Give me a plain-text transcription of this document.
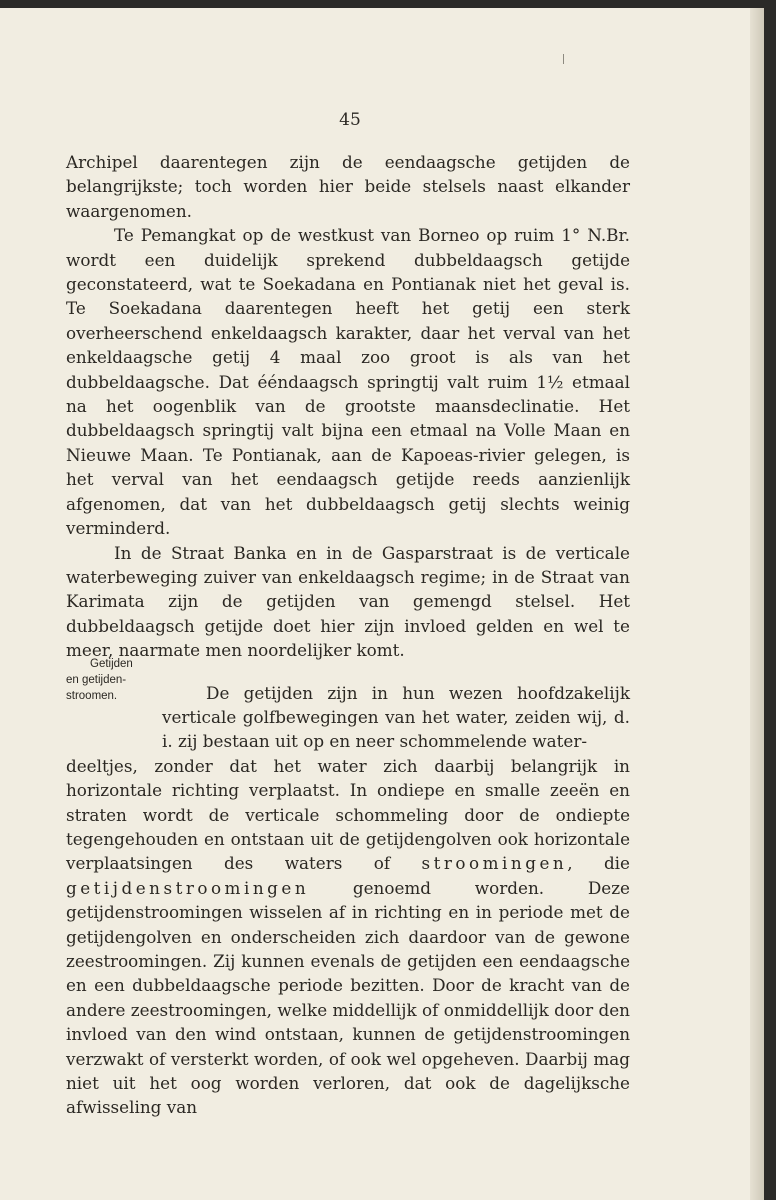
45
Getijden
en getijden-
stroomen.

Archipel daarentegen zijn de eendaagsche getijden de belangrijkste; toch worden hier beide stelsels naast elkander waargenomen.

Te Pemangkat op de westkust van Borneo op ruim 1° N.Br. wordt een duidelijk sprekend dubbeldaagsch getijde geconstateerd, wat te Soekadana en Pontianak niet het geval is. Te Soekadana daarentegen heeft het getij een sterk overheerschend enkeldaagsch karakter, daar het verval van het enkeldaagsche getij 4 maal zoo groot is als van het dubbeldaagsche. Dat ééndaagsch springtij valt ruim 1½ etmaal na het oogenblik van de grootste maansdeclinatie. Het dubbeldaagsch springtij valt bijna een etmaal na Volle Maan en Nieuwe Maan. Te Pontianak, aan de Kapoeas-rivier gelegen, is het verval van het eendaagsch getijde reeds aanzienlijk afgenomen, dat van het dubbeldaagsch getij slechts weinig verminderd.

In de Straat Banka en in de Gasparstraat is de verticale waterbeweging zuiver van enkeldaagsch regime; in de Straat van Karimata zijn de getijden van gemengd stelsel. Het dubbeldaagsch getijde doet hier zijn invloed gelden en wel te meer, naarmate men noordelijker komt.

De getijden zijn in hun wezen hoofdzakelijk verticale golfbewegingen van het water, zeiden wij, d. i. zij bestaan uit op en neer schommelende water-
deeltjes, zonder dat het water zich daarbij belangrijk in horizontale richting verplaatst. In ondiepe en smalle zeeën en straten wordt de verticale schommeling door de ondiepte tegengehouden en ontstaan uit de getijdengolven ook horizontale verplaatsingen des waters of stroomingen, die getijdenstroomingen	genoemd worden. Deze getijdenstroomingen wisselen af in richting en in periode met de getijdengolven en onderscheiden zich daardoor van de gewone zeestroomingen. Zij kunnen evenals de getijden een eendaagsche en een dubbeldaagsche periode bezitten. Door de kracht van de andere zeestroomingen, welke middellijk of onmiddellijk door den invloed van den wind ontstaan, kunnen de getijdenstroomingen verzwakt of versterkt worden, of ook wel opgeheven. Daarbij mag niet uit het oog worden verloren, dat ook de dagelijksche afwisseling van
